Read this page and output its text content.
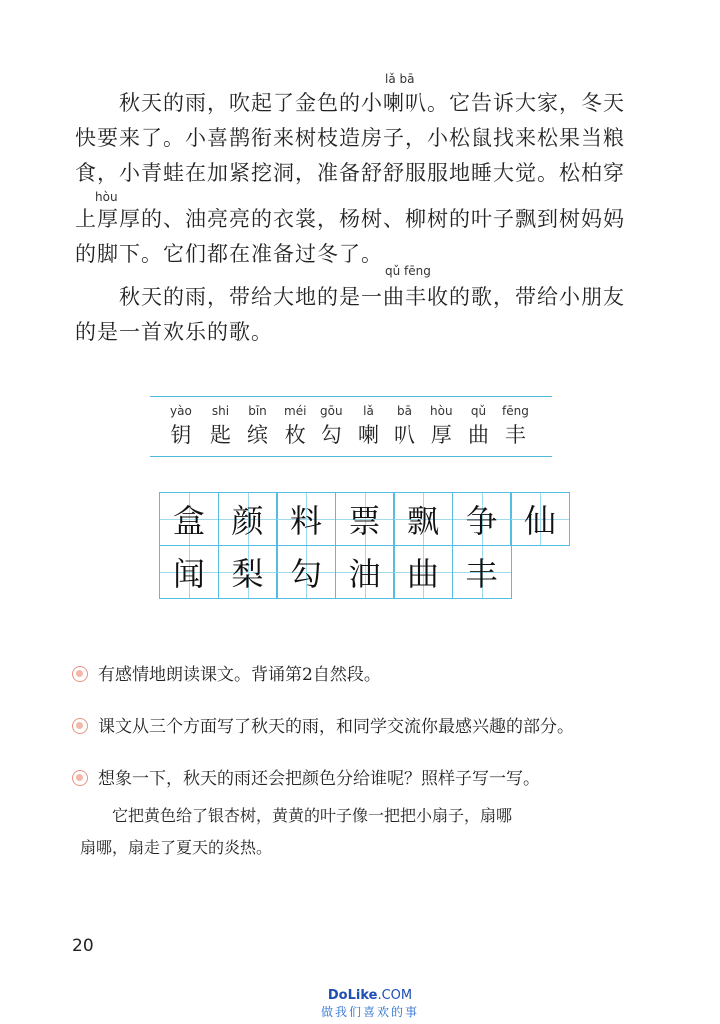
lǎ bā
　　秋天的雨，吹起了金色的小喇叭。它告诉大家，冬天
快要来了。小喜鹊衔来树枝造房子，小松鼠找来松果当粮
食，小青蛙在加紧挖洞，准备舒舒服服地睡大觉。松柏穿
hòu
上厚厚的、油亮亮的衣裳，杨树、柳树的叶子飘到树妈妈
的脚下。它们都在准备过冬了。
qǔ fēng
　　秋天的雨，带给大地的是一曲丰收的歌，带给小朋友
的是一首欢乐的歌。
yào
钥
shi
匙
bīn
缤
méi
枚
gōu
勾
lǎ
喇
bā
叭
hòu
厚
qǔ
曲
fēng
丰
盒 颜 料 票 飘 争 仙
闻 梨 勾 油 曲 丰
有感情地朗读课文。背诵第2自然段。
课文从三个方面写了秋天的雨，和同学交流你最感兴趣的部分。
想象一下，秋天的雨还会把颜色分给谁呢？照样子写一写。
　　它把黄色给了银杏树，黄黄的叶子像一把把小扇子，扇哪
扇哪，扇走了夏天的炎热。
20
DoLike.COM
做我们喜欢的事
